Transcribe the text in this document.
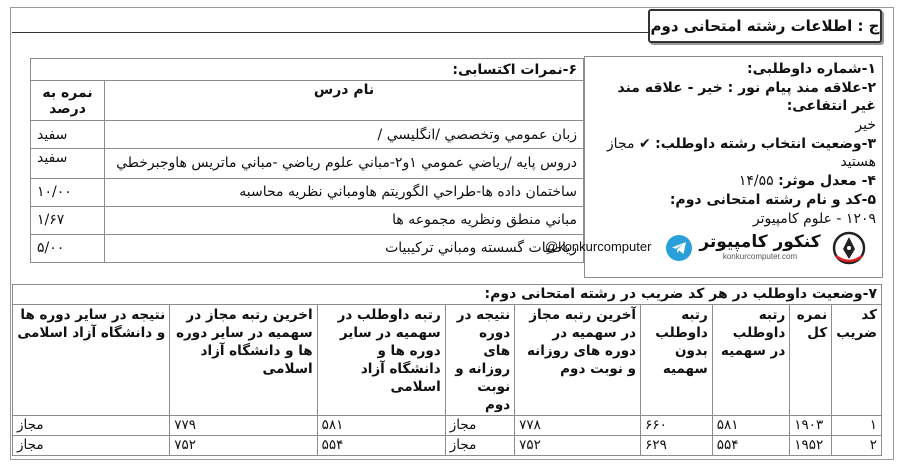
ج : اطلاعات رشته امتحانی دوم
۱-شماره داوطلبی:
۲-علاقه مند پیام نور : خیر - علاقه مند غیر انتفاعی:
خیر
۳-وضعیت انتخاب رشته داوطلب: ✔ مجاز هستید
۴- معدل موثر: ۱۴/۵۵
۵-کد و نام رشته امتحانی دوم:
۱۲۰۹ - علوم کامپیوتر
۶-نمرات اکتسابی:	
نام درس	نمره به درصد
زبان عمومي وتخصصي /انگليسي /	سفيد
دروس پايه /رياضي عمومي ۱و۲-مباني علوم رياضي -مباني ماتريس هاوجبرخطي	سفيد
ساختمان داده ها-طراحي الگوريتم هاومباني نظريه محاسبه	۱۰/۰۰
مباني منطق ونظريه مجموعه ها	۱/۶۷
رياضيات گسسته ومباني تركيبيات	۵/۰۰	@konkurcomputer	کنکور کامپیوتر
konkurcomputer.com
۷-وضعیت داوطلب در هر کد ضریب در رشته امتحانی دوم:								
کد ضریب	نمره کل	رتبه داوطلب در سهمیه	رتبه داوطلب بدون سهمیه	آخرین رتبه مجاز در سهمیه در دوره های روزانه و نوبت دوم	نتیجه در دوره های روزانه و نوبت دوم	رتبه داوطلب در سهمیه در سایر دوره ها و دانشگاه آزاد اسلامی	اخرین رتبه مجاز در سهمیه در سایر دوره ها و دانشگاه آزاد اسلامی	نتیجه در سایر دوره ها و دانشگاه آزاد اسلامی
۱	۱۹۰۳	۵۸۱	۶۶۰	۷۷۸	مجاز	۵۸۱	۷۷۹	مجاز
۲	۱۹۵۲	۵۵۴	۶۲۹	۷۵۲	مجاز	۵۵۴	۷۵۲	مجاز
